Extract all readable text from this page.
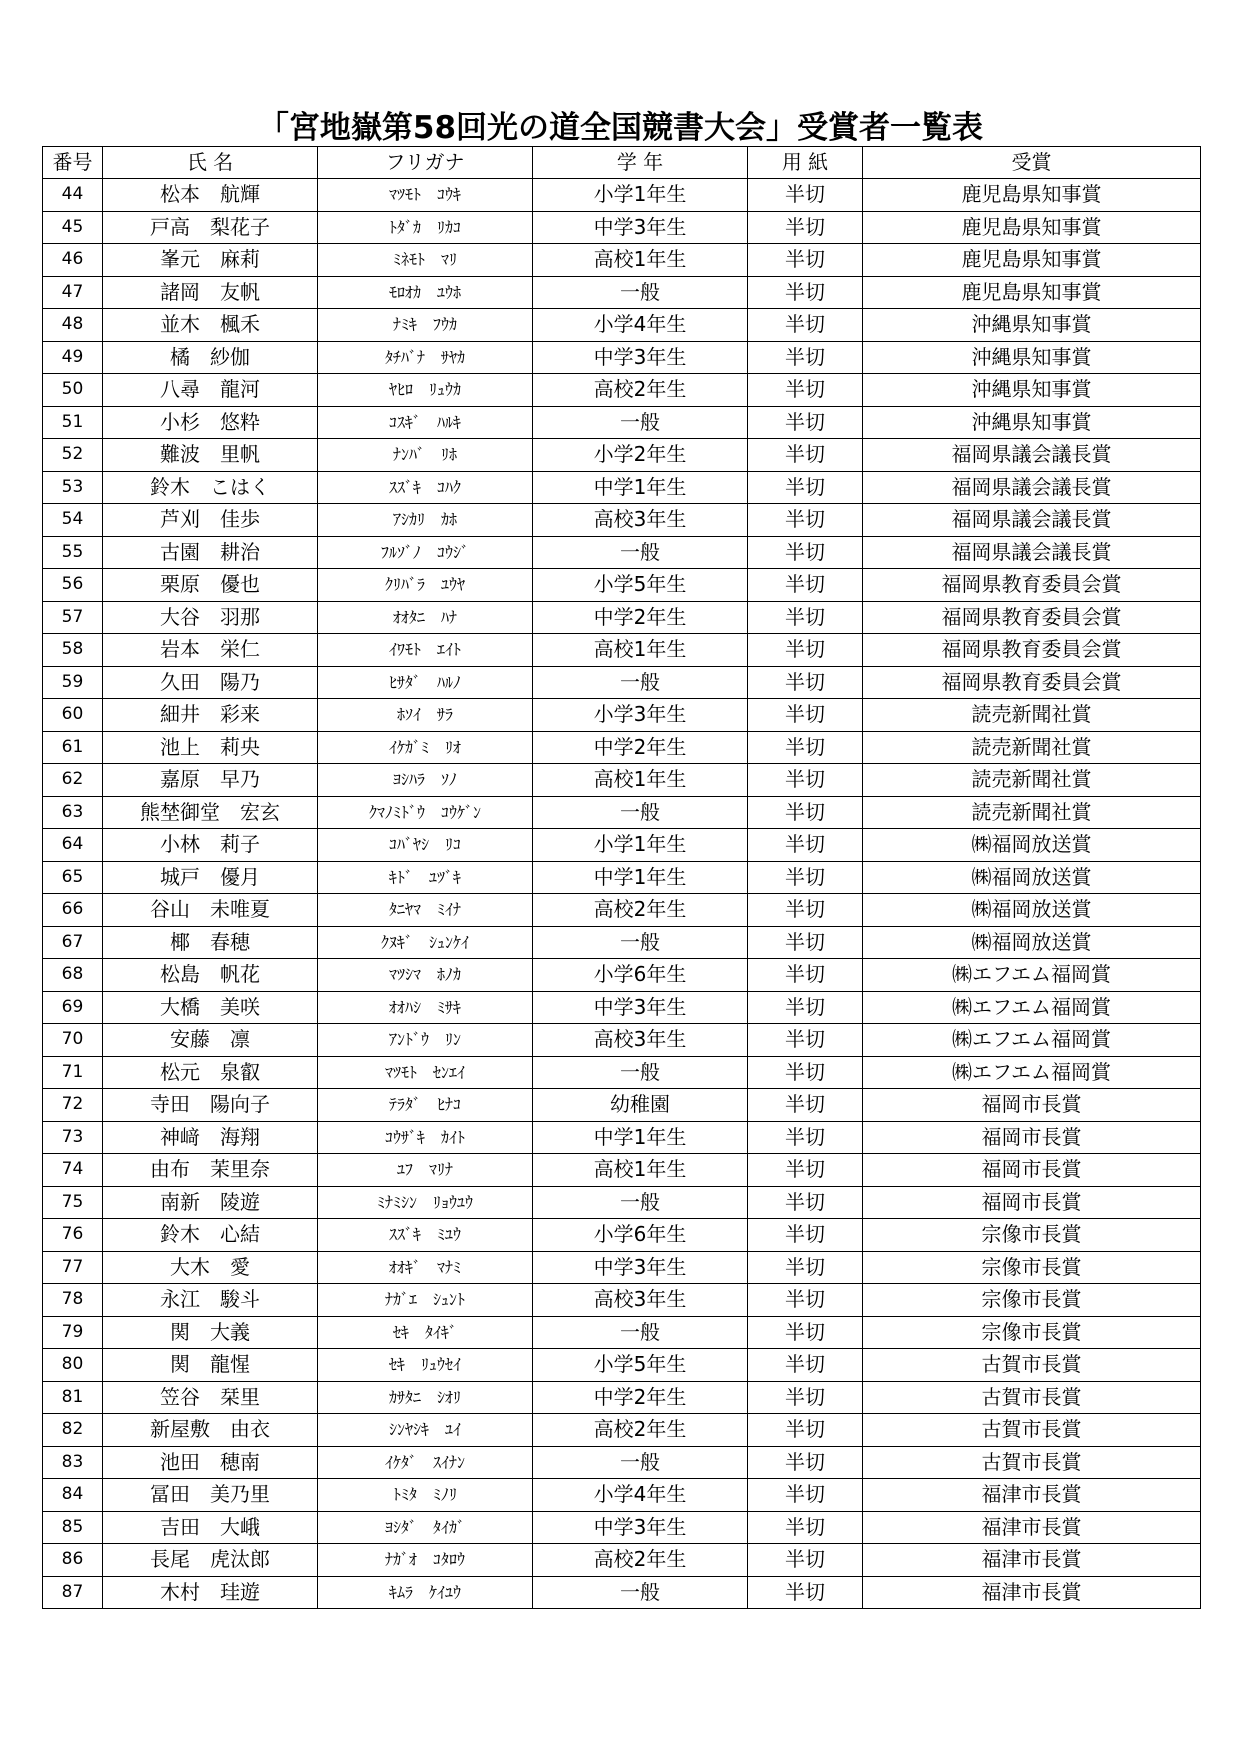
「宮地嶽第58回光の道全国競書大会」受賞者一覧表
番号	氏 名	フリガナ	学 年	用 紙	受賞
44	松本　航輝	ﾏﾂﾓﾄ　ｺｳｷ	小学1年生	半切	鹿児島県知事賞
45	戸高　梨花子	ﾄﾀﾞｶ　ﾘｶｺ	中学3年生	半切	鹿児島県知事賞
46	峯元　麻莉	ﾐﾈﾓﾄ　ﾏﾘ	高校1年生	半切	鹿児島県知事賞
47	諸岡　友帆	ﾓﾛｵｶ　ﾕｳﾎ	一般	半切	鹿児島県知事賞
48	並木　楓禾	ﾅﾐｷ　ﾌｳｶ	小学4年生	半切	沖縄県知事賞
49	橘　紗伽	ﾀﾁﾊﾞﾅ　ｻﾔｶ	中学3年生	半切	沖縄県知事賞
50	八尋　龍河	ﾔﾋﾛ　ﾘｭｳｶ	高校2年生	半切	沖縄県知事賞
51	小杉　悠粋	ｺｽｷﾞ　ﾊﾙｷ	一般	半切	沖縄県知事賞
52	難波　里帆	ﾅﾝﾊﾞ　ﾘﾎ	小学2年生	半切	福岡県議会議長賞
53	鈴木　こはく	ｽｽﾞｷ　ｺﾊｸ	中学1年生	半切	福岡県議会議長賞
54	芦刈　佳歩	ｱｼｶﾘ　ｶﾎ	高校3年生	半切	福岡県議会議長賞
55	古園　耕治	ﾌﾙｿﾞﾉ　ｺｳｼﾞ	一般	半切	福岡県議会議長賞
56	栗原　優也	ｸﾘﾊﾞﾗ　ﾕｳﾔ	小学5年生	半切	福岡県教育委員会賞
57	大谷　羽那	ｵｵﾀﾆ　ﾊﾅ	中学2年生	半切	福岡県教育委員会賞
58	岩本　栄仁	ｲﾜﾓﾄ　ｴｲﾄ	高校1年生	半切	福岡県教育委員会賞
59	久田　陽乃	ﾋｻﾀﾞ　ﾊﾙﾉ	一般	半切	福岡県教育委員会賞
60	細井　彩来	ﾎｿｲ　ｻﾗ	小学3年生	半切	読売新聞社賞
61	池上　莉央	ｲｹｶﾞﾐ　ﾘｵ	中学2年生	半切	読売新聞社賞
62	嘉原　早乃	ﾖｼﾊﾗ　ｿﾉ	高校1年生	半切	読売新聞社賞
63	熊埜御堂　宏玄	ｸﾏﾉﾐﾄﾞｳ　ｺｳｹﾞﾝ	一般	半切	読売新聞社賞
64	小林　莉子	ｺﾊﾞﾔｼ　ﾘｺ	小学1年生	半切	㈱福岡放送賞
65	城戸　優月	ｷﾄﾞ　ﾕﾂﾞｷ	中学1年生	半切	㈱福岡放送賞
66	谷山　未唯夏	ﾀﾆﾔﾏ　ﾐｲﾅ	高校2年生	半切	㈱福岡放送賞
67	椰　春穂	ｸﾇｷﾞ　ｼｭﾝｹｲ	一般	半切	㈱福岡放送賞
68	松島　帆花	ﾏﾂｼﾏ　ﾎﾉｶ	小学6年生	半切	㈱エフエム福岡賞
69	大橋　美咲	ｵｵﾊｼ　ﾐｻｷ	中学3年生	半切	㈱エフエム福岡賞
70	安藤　凛	ｱﾝﾄﾞｳ　ﾘﾝ	高校3年生	半切	㈱エフエム福岡賞
71	松元　泉叡	ﾏﾂﾓﾄ　ｾﾝｴｲ	一般	半切	㈱エフエム福岡賞
72	寺田　陽向子	ﾃﾗﾀﾞ　ﾋﾅｺ	幼稚園	半切	福岡市長賞
73	神﨑　海翔	ｺｳｻﾞｷ　ｶｲﾄ	中学1年生	半切	福岡市長賞
74	由布　茉里奈	ﾕﾌ　ﾏﾘﾅ	高校1年生	半切	福岡市長賞
75	南新　陵遊	ﾐﾅﾐｼﾝ　ﾘｮｳﾕｳ	一般	半切	福岡市長賞
76	鈴木　心結	ｽｽﾞｷ　ﾐﾕｳ	小学6年生	半切	宗像市長賞
77	大木　愛	ｵｵｷﾞ　ﾏﾅﾐ	中学3年生	半切	宗像市長賞
78	永江　駿斗	ﾅｶﾞｴ　ｼｭﾝﾄ	高校3年生	半切	宗像市長賞
79	関　大義	ｾｷ　ﾀｲｷﾞ	一般	半切	宗像市長賞
80	関　龍惺	ｾｷ　ﾘｭｳｾｲ	小学5年生	半切	古賀市長賞
81	笠谷　栞里	ｶｻﾀﾆ　ｼｵﾘ	中学2年生	半切	古賀市長賞
82	新屋敷　由衣	ｼﾝﾔｼｷ　ﾕｲ	高校2年生	半切	古賀市長賞
83	池田　穂南	ｲｹﾀﾞ　ｽｲﾅﾝ	一般	半切	古賀市長賞
84	冨田　美乃里	ﾄﾐﾀ　ﾐﾉﾘ	小学4年生	半切	福津市長賞
85	吉田　大峨	ﾖｼﾀﾞ　ﾀｲｶﾞ	中学3年生	半切	福津市長賞
86	長尾　虎汰郎	ﾅｶﾞｵ　ｺﾀﾛｳ	高校2年生	半切	福津市長賞
87	木村　珪遊	ｷﾑﾗ　ｹｲﾕｳ	一般	半切	福津市長賞
